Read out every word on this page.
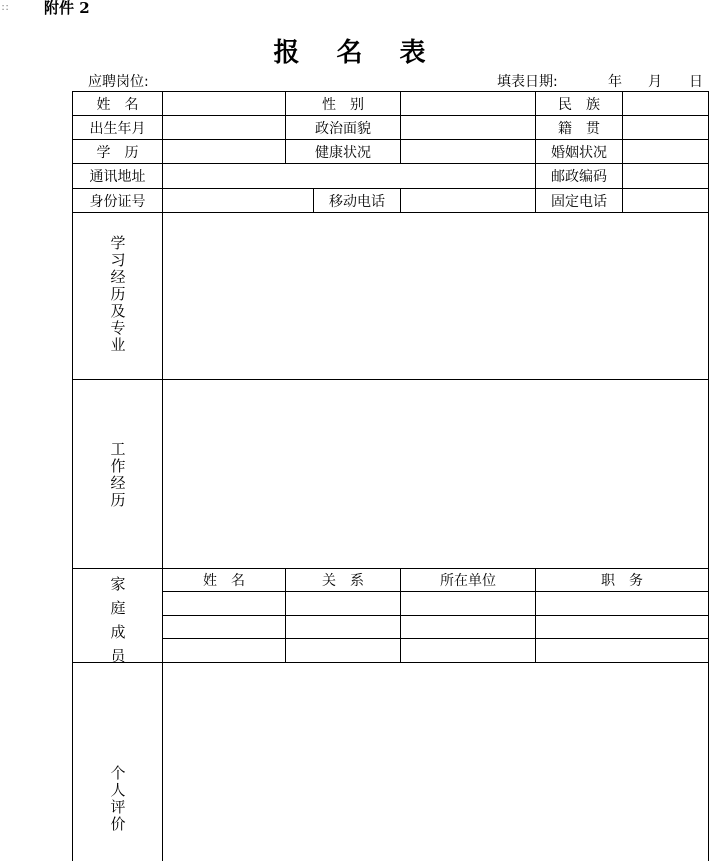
∷ 附件 2
报 名 表
应聘岗位:	填表日期:	年 月 日
姓　名	性　别	民　族
出生年月	政治面貌	籍　贯
学　历	健康状况	婚姻状况
通讯地址	邮政编码
身份证号	移动电话	固定电话
学
习
经
历
及
专
业
工
作
经
历
家
庭
成
员
姓　名	关　系	所在单位	职　务
个
人
评
价
